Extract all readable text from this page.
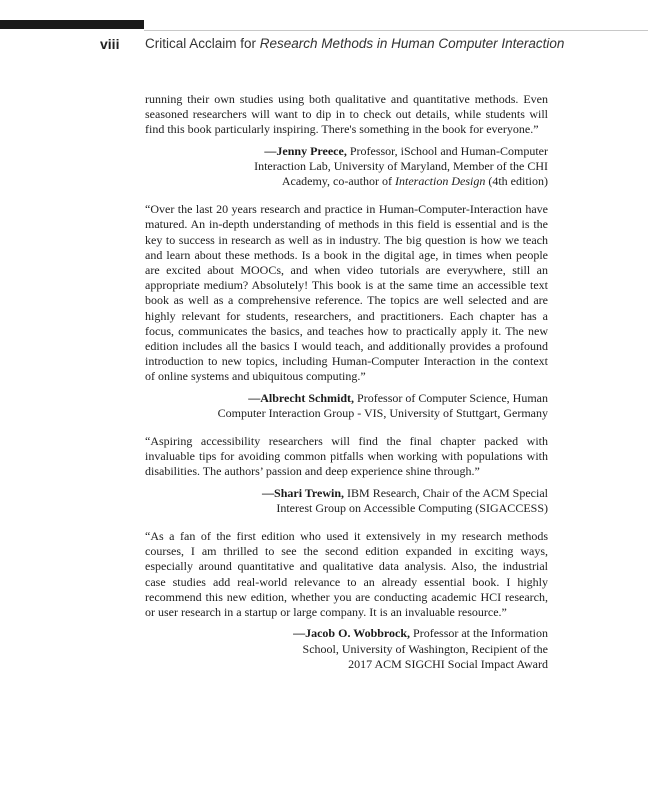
viii Critical Acclaim for Research Methods in Human Computer Interaction

running their own studies using both qualitative and quantitative methods. Even seasoned researchers will want to dip in to check out details, while students will find this book particularly inspiring. There's something in the book for everyone.”

—Jenny Preece, Professor, iSchool and Human-Computer
Interaction Lab, University of Maryland, Member of the CHI
Academy, co-author of Interaction Design (4th edition)

“Over the last 20 years research and practice in Human-Computer-Interaction have matured. An in-depth understanding of methods in this field is essential and is the key to success in research as well as in industry. The big question is how we teach and learn about these methods. Is a book in the digital age, in times when people are excited about MOOCs, and when video tutorials are everywhere, still an appropriate medium? Absolutely! This book is at the same time an accessible text book as well as a comprehensive reference. The topics are well selected and are highly relevant for students, researchers, and practitioners. Each chapter has a focus, communicates the basics, and teaches how to practically apply it. The new edition includes all the basics I would teach, and additionally provides a profound introduction to new topics, including Human-Computer Interaction in the context of online systems and ubiquitous computing.”

—Albrecht Schmidt, Professor of Computer Science, Human
Computer Interaction Group - VIS, University of Stuttgart, Germany

“Aspiring accessibility researchers will find the final chapter packed with invaluable tips for avoiding common pitfalls when working with populations with disabilities. The authors’ passion and deep experience shine through.”

—Shari Trewin, IBM Research, Chair of the ACM Special
Interest Group on Accessible Computing (SIGACCESS)

“As a fan of the first edition who used it extensively in my research methods courses, I am thrilled to see the second edition expanded in exciting ways, especially around quantitative and qualitative data analysis. Also, the industrial case studies add real-world relevance to an already essential book. I highly recommend this new edition, whether you are conducting academic HCI research, or user research in a startup or large company. It is an invaluable resource.”

—Jacob O. Wobbrock, Professor at the Information
School, University of Washington, Recipient of the
2017 ACM SIGCHI Social Impact Award
